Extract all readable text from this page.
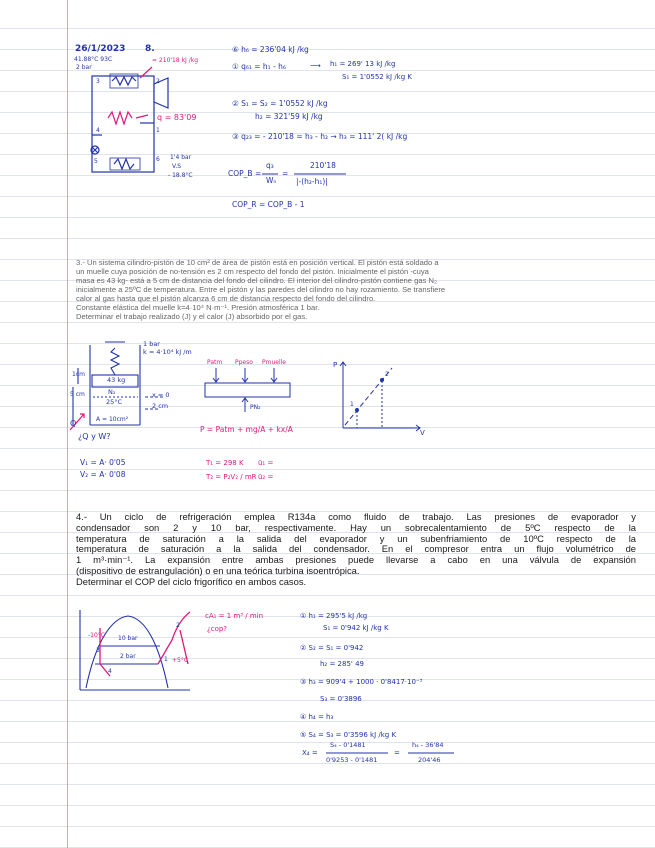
26/1/2023 8.
41.88°C 93C
2 bar
= 210'18 kJ /kg
q = 83'09
3	2
4	1
5	6 1'4 bar
V.S
- 18.8°C
⑥ h₆ = 236'04 kJ /kg
① q₆₁ = h₁ - h₆	⟶ h₁ = 269' 13 kJ /kg
S₁ = 1'0552 kJ /kg K
② S₁ = S₂ = 1'0552 kJ /kg
h₂ = 321'59 kJ /kg
③ q₂₃ = - 210'18 = h₃ - h₂ → h₃ = 111' 2( kJ /kg
COP_B =
q₃
Wₙ
=
210'18
|-(h₂-h₁)|
COP_R = COP_B - 1
3.- Un sistema cilindro-pistón de 10 cm² de área de pistón está en posición vertical. El pistón está soldado a
un muelle cuya posición de no-tensión es 2 cm respecto del fondo del pistón. Inicialmente el pistón -cuya
masa es 43 kg- está a 5 cm de distancia del fondo del cilindro. El interior del cilindro-pistón contiene gas N₂
inicialmente a 25ºC de temperatura. Entre el pistón y las paredes del cilindro no hay rozamiento. Se transfiere
calor al gas hasta que el pistón alcanza 6 cm de distancia respecto del fondo del cilindro.
Constante elástica del muelle k=4·10⁴ N·m⁻¹. Presión atmosférica 1 bar.
Determinar el trabajo realizado (J) y el calor (J) absorbido por el gas.
1 bar
k = 4·10⁴ kJ /m
1cm
5 cm
43 kg
N₂
25°C
A = 10cm²
x = 0
2 cm
Q
¿Q y W?
V₁ = A· 0'05
V₂ = A· 0'08
Patm Ppeso Pmuelle
PN₂
P = Patm + mg/A + kx/A
T₁ = 298 K ū₁ =
T₂ = P₂V₂ / mR ū₂ =
P
V
1
2
4.- Un ciclo de refrigeración emplea R134a como fluido de trabajo. Las presiones de evaporador y
condensador son 2 y 10 bar, respectivamente. Hay un sobrecalentamiento de 5ºC respecto de la
temperatura de saturación a la salida del evaporador y un subenfriamiento de 10ºC respecto de la
temperatura de saturación a la salida del condensador. En el compresor entra un flujo volumétrico de
1 m³·min⁻¹. La expansión entre ambas presiones puede llevarse a cabo en una válvula de expansión
(dispositivo de estrangulación) o en una teórica turbina isoentrópica.
Determinar el COP del ciclo frigorífico en ambos casos.
-10°C 10 bar
2 bar
+5°C
1
2
3
4
cA₁ = 1 m³ / min
¿cop?
① h₁ = 295'5 kJ /kg
S₁ = 0'942 kJ /kg K
② S₂ = S₁ = 0'942
h₂ = 285' 49
③ h₃ = 909'4 + 1000 · 0'8417·10⁻³
S₃ = 0'3896
④ h₄ = h₃
⑤ S₄ = S₃ = 0'3596 kJ /kg K
X₄ =
S₄ - 0'1481
0'9253 - 0'1481
=
h₄ - 36'84
204'46
